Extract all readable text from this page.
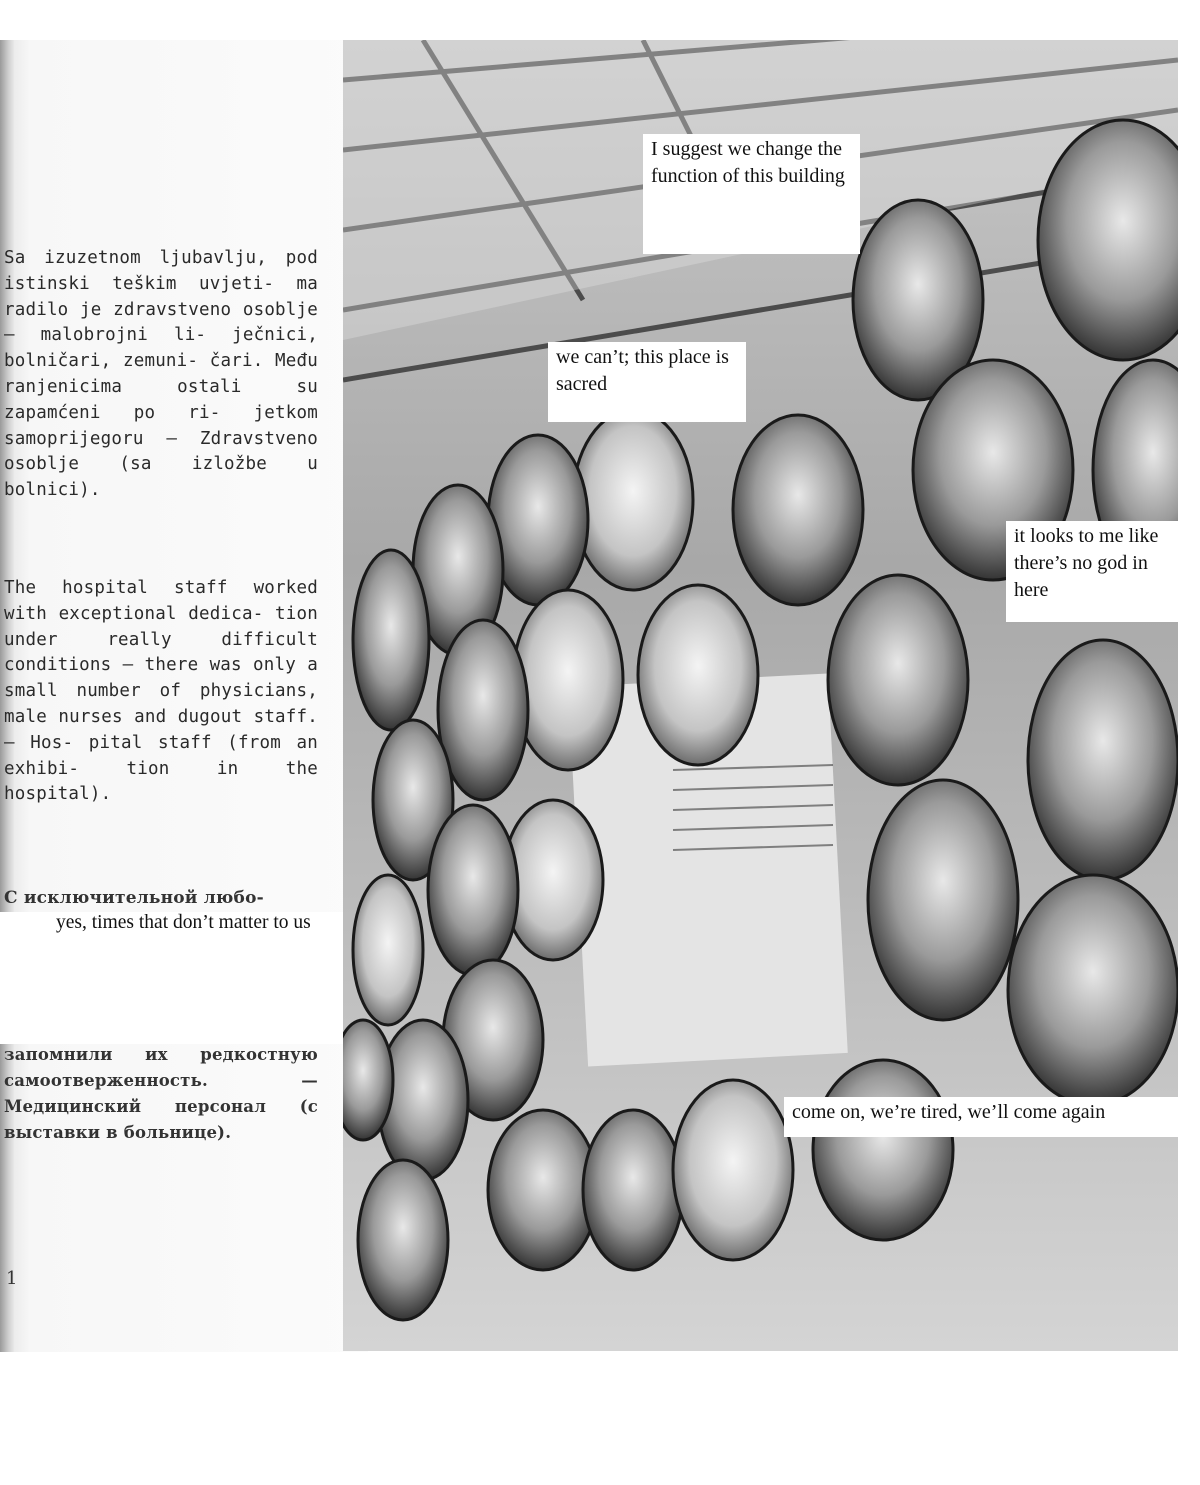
Sa izuzetnom ljubavlju, pod istinski teškim uvjeti- ma radilo je zdravstveno osoblje — malobrojni li- ječnici, bolničari, zemuni- čari. Među ranjenicima ostali su zapamćeni po ri- jetkom samoprijegoru — Zdravstveno osoblje (sa izložbe u bolnici).
The hospital staff worked with exceptional dedica- tion under really difficult conditions — there was only a small number of physicians, male nurses and dugout staff. — Hos- pital staff (from an exhibi- tion in the hospital).
С исключительной любо-
запомнили их редкостную самоотверженность. — Медицинский персонал (с выставки в больнице).
1
I suggest we change the function of this building
we can’t; this place is sacred
it looks to me like there’s no god in here
come on, we’re tired, we’ll come again
yes, times that don’t matter to us
